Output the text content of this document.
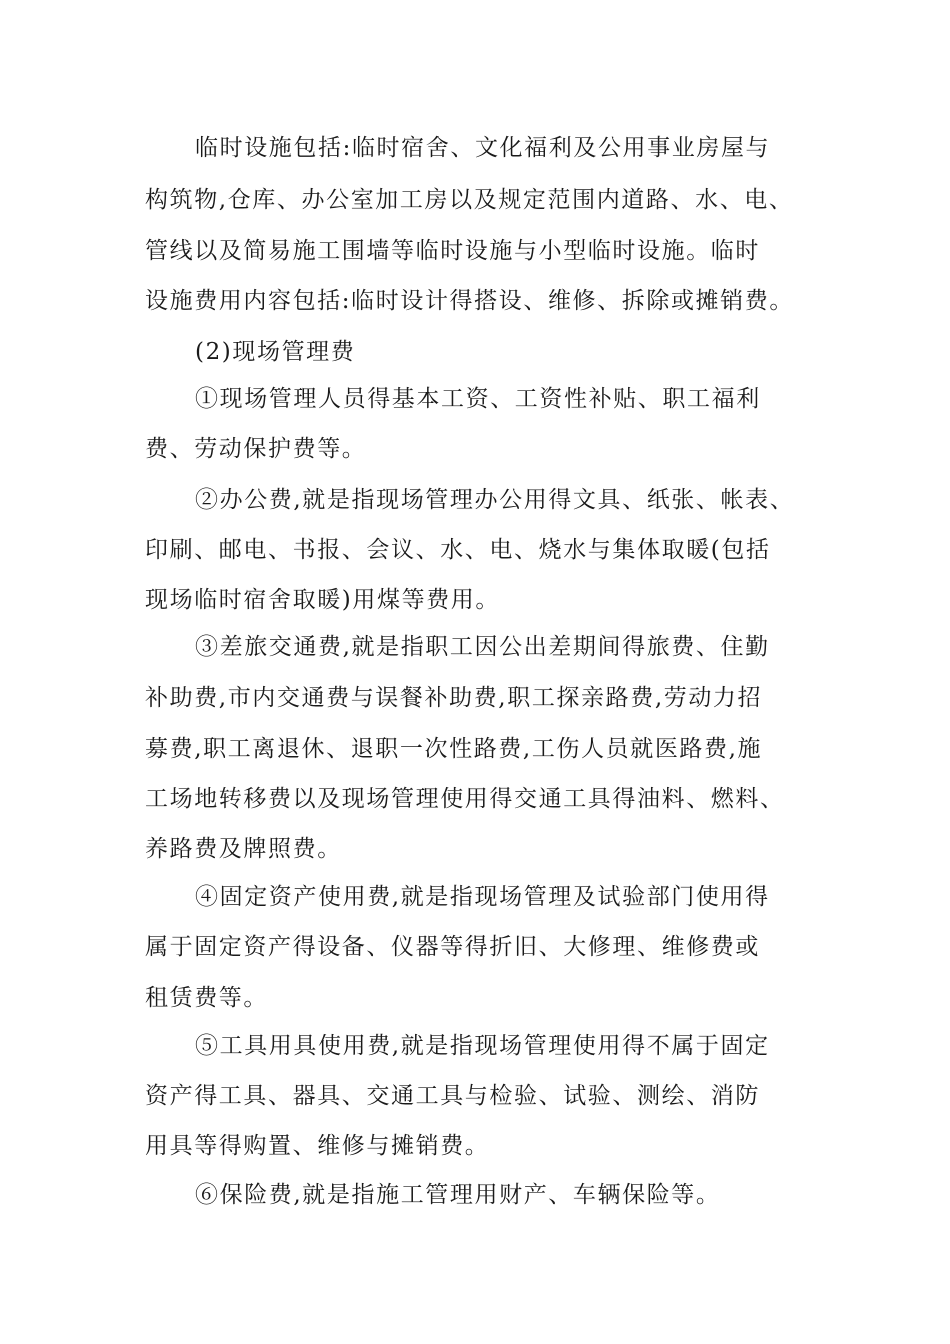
临时设施包括:临时宿舍、文化福利及公用事业房屋与
构筑物,仓库、办公室加工房以及规定范围内道路、水、电、
管线以及简易施工围墙等临时设施与小型临时设施。临时
设施费用内容包括:临时设计得搭设、维修、拆除或摊销费。
(2)现场管理费
①现场管理人员得基本工资、工资性补贴、职工福利
费、劳动保护费等。
②办公费,就是指现场管理办公用得文具、纸张、帐表、
印刷、邮电、书报、会议、水、电、烧水与集体取暖(包括
现场临时宿舍取暖)用煤等费用。
③差旅交通费,就是指职工因公出差期间得旅费、住勤
补助费,市内交通费与误餐补助费,职工探亲路费,劳动力招
募费,职工离退休、退职一次性路费,工伤人员就医路费,施
工场地转移费以及现场管理使用得交通工具得油料、燃料、
养路费及牌照费。
④固定资产使用费,就是指现场管理及试验部门使用得
属于固定资产得设备、仪器等得折旧、大修理、维修费或
租赁费等。
⑤工具用具使用费,就是指现场管理使用得不属于固定
资产得工具、器具、交通工具与检验、试验、测绘、消防
用具等得购置、维修与摊销费。
⑥保险费,就是指施工管理用财产、车辆保险等。
